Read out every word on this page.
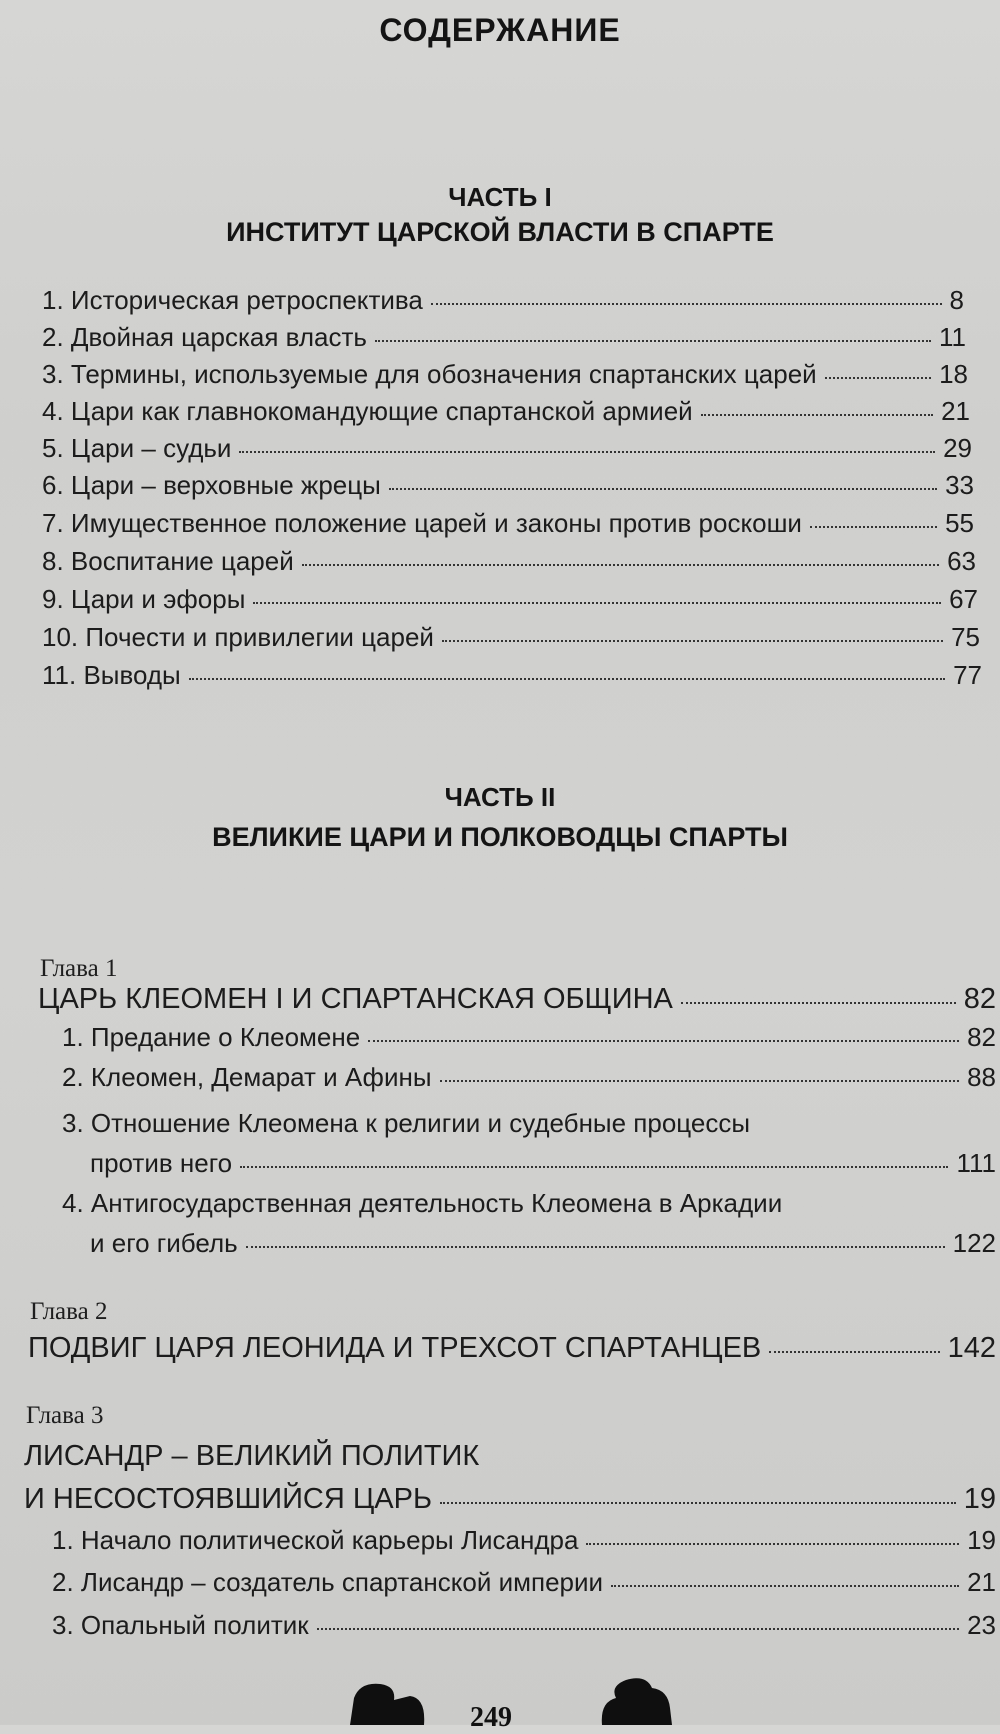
СОДЕРЖАНИЕ
ЧАСТЬ I
ИНСТИТУТ ЦАРСКОЙ ВЛАСТИ В СПАРТЕ
1. Историческая ретроспектива	8
2. Двойная царская власть	11
3. Термины, используемые для обозначения спартанских царей	18
4. Цари как главнокомандующие спартанской армией	21
5. Цари – судьи	29
6. Цари – верховные жрецы	33
7. Имущественное положение царей и законы против роскоши	55
8. Воспитание царей	63
9. Цари и эфоры	67
10. Почести и привилегии царей	75
11. Выводы	77
ЧАСТЬ II
ВЕЛИКИЕ ЦАРИ И ПОЛКОВОДЦЫ СПАРТЫ
Глава 1
ЦАРЬ КЛЕОМЕН I И СПАРТАНСКАЯ ОБЩИНА	82
1. Предание о Клеомене	82
2. Клеомен, Демарат и Афины	88
3. Отношение Клеомена к религии и судебные процессы
против него	111
4. Антигосударственная деятельность Клеомена в Аркадии
и его гибель	122
Глава 2
ПОДВИГ ЦАРЯ ЛЕОНИДА И ТРЕХСОТ СПАРТАНЦЕВ	142
Глава 3
ЛИСАНДР – ВЕЛИКИЙ ПОЛИТИК
И НЕСОСТОЯВШИЙСЯ ЦАРЬ	19
1. Начало политической карьеры Лисандра	19
2. Лисандр – создатель спартанской империи	21
3. Опальный политик	23
249
